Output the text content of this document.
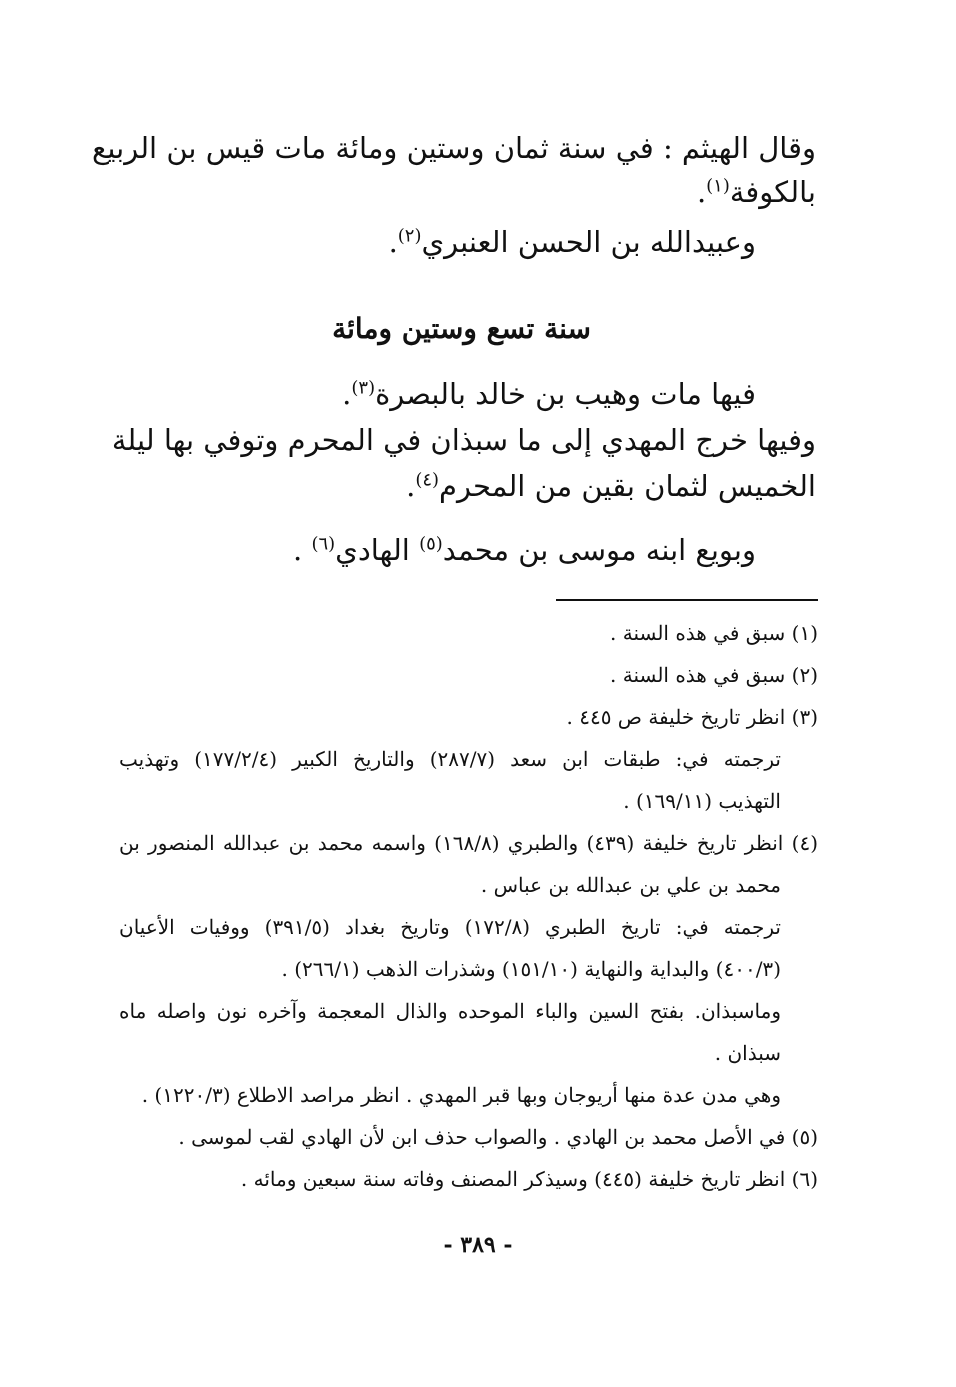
وقال الهيثم : في سنة ثمان وستين ومائة مات قيس بن الربيع
بالكوفة$^{(١)}$.
وعبيدالله بن الحسن العنبري$^{(٢)}$.
سنة تسع وستين ومائة
فيها مات وهيب بن خالد بالبصرة$^{(٣)}$.
وفيها خرج المهدي إلى ما سبذان في المحرم وتوفي بها ليلة
الخميس لثمان بقين من المحرم$^{(٤)}$.
وبويع ابنه موسى بن محمد$^{(٥)}$ الهادي$^{(٦)}$ .
(١) سبق في هذه السنة .
(٢) سبق في هذه السنة .
(٣) انظر تاريخ خليفة ص ٤٤٥ .
ترجمته في: طبقات ابن سعد (٢٨٧/٧) والتاريخ الكبير (١٧٧/٢/٤) وتهذيب
التهذيب (١٦٩/١١) .
(٤) انظر تاريخ خليفة (٤٣٩) والطبري (١٦٨/٨) واسمه محمد بن عبدالله المنصور بن
محمد بن علي بن عبدالله بن عباس .
ترجمته في: تاريخ الطبري (١٧٢/٨) وتاريخ بغداد (٣٩١/٥) ووفيات الأعيان
(٤٠٠/٣) والبداية والنهاية (١٥١/١٠) وشذرات الذهب (٢٦٦/١) .
وماسبذان. بفتح السين والباء الموحده والذال المعجمة وآخره نون واصله ماه
سبذان .
وهي مدن عدة منها أريوجان وبها قبر المهدي . انظر مراصد الاطلاع (١٢٢٠/٣) .
(٥) في الأصل محمد بن الهادي . والصواب حذف ابن لأن الهادي لقب لموسى .
(٦) انظر تاريخ خليفة (٤٤٥) وسيذكر المصنف وفاته سنة سبعين ومائه .
- ٣٨٩ -
